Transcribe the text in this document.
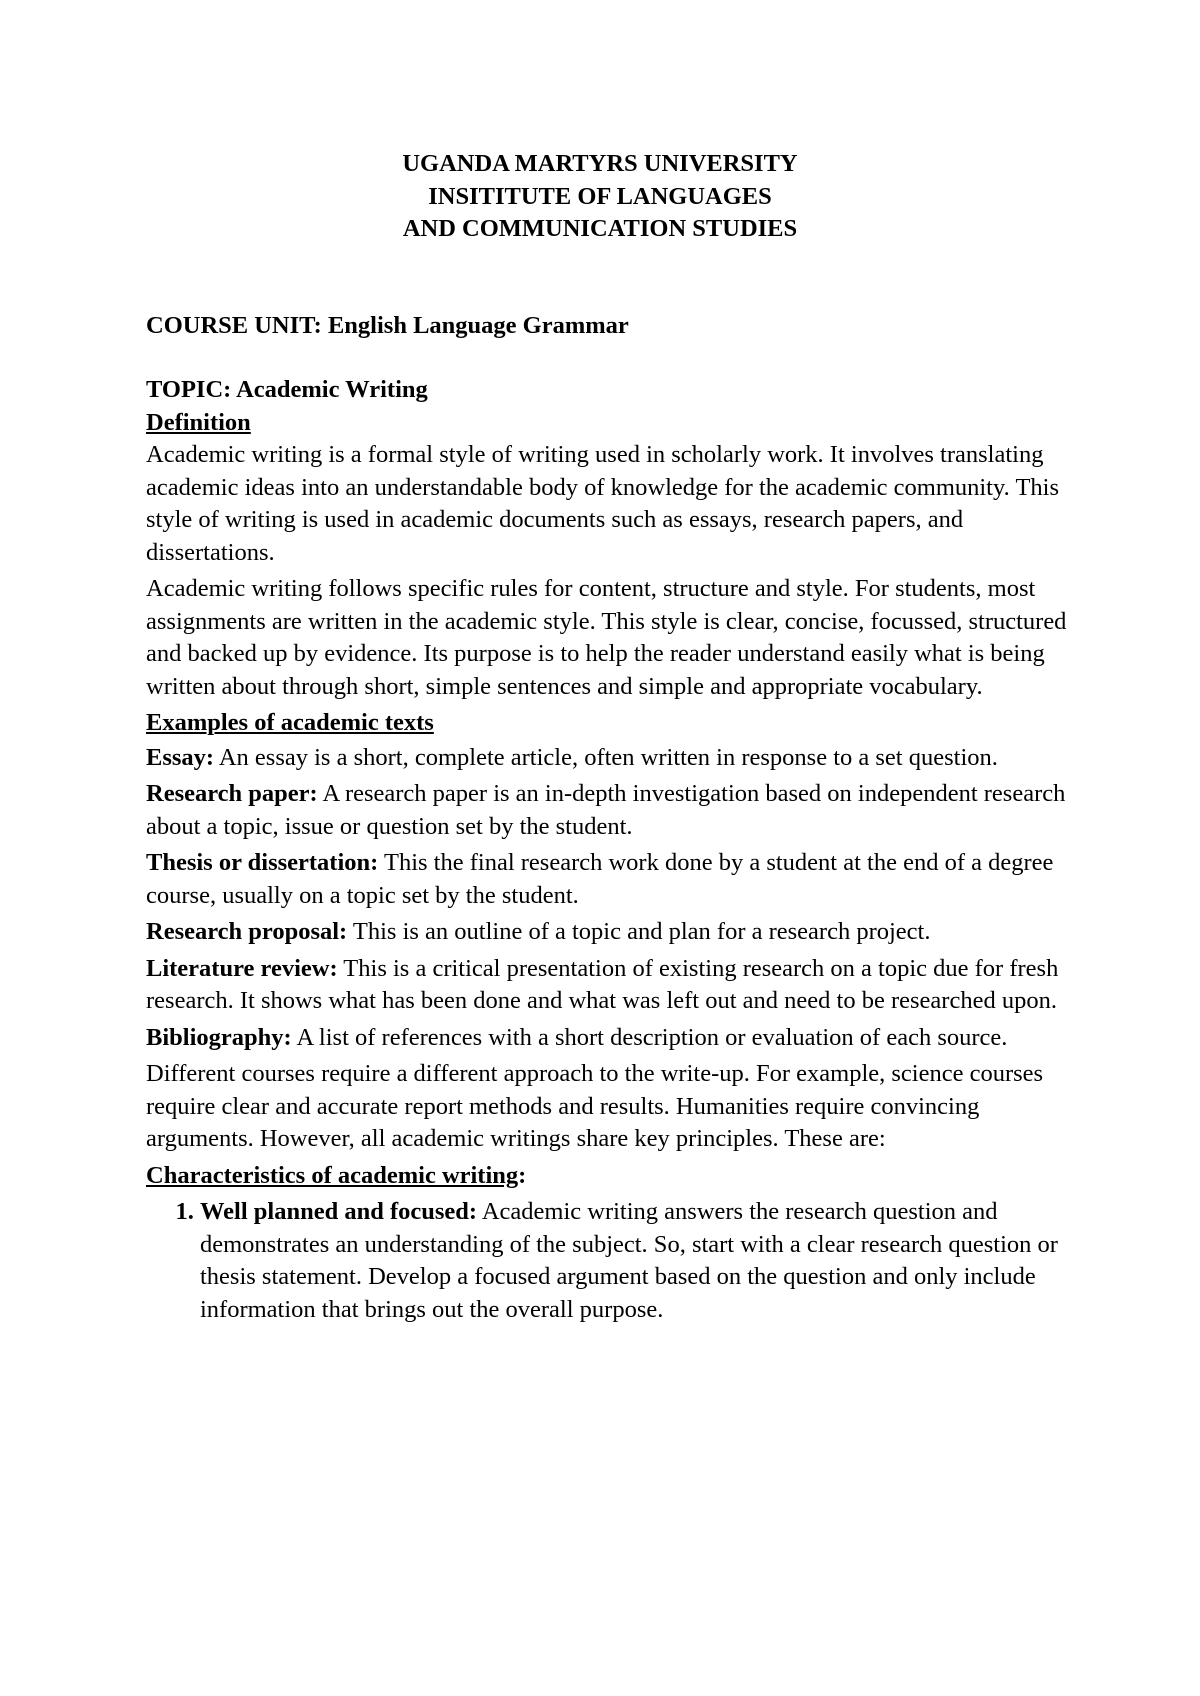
UGANDA MARTYRS UNIVERSITY
INSITITUTE OF LANGUAGES
AND COMMUNICATION STUDIES
COURSE UNIT: English Language Grammar
TOPIC: Academic Writing
Definition

Academic writing is a formal style of writing used in scholarly work. It involves translating academic ideas into an understandable body of knowledge for the academic community. This style of writing is used in academic documents such as essays, research papers, and dissertations.

Academic writing follows specific rules for content, structure and style. For students, most assignments are written in the academic style. This style is clear, concise, focussed, structured and backed up by evidence. Its purpose is to help the reader understand easily what is being written about through short, simple sentences and simple and appropriate vocabulary.

Examples of academic texts

Essay: An essay is a short, complete article, often written in response to a set question.

Research paper: A research paper is an in-depth investigation based on independent research about a topic, issue or question set by the student.

Thesis or dissertation: This the final research work done by a student at the end of a degree course, usually on a topic set by the student.

Research proposal: This is an outline of a topic and plan for a research project.

Literature review: This is a critical presentation of existing research on a topic due for fresh research. It shows what has been done and what was left out and need to be researched upon.

Bibliography: A list of references with a short description or evaluation of each source.

Different courses require a different approach to the write-up. For example, science courses require clear and accurate report methods and results. Humanities require convincing arguments. However, all academic writings share key principles. These are:

Characteristics of academic writing:
1. Well planned and focused: Academic writing answers the research question and demonstrates an understanding of the subject. So, start with a clear research question or thesis statement. Develop a focused argument based on the question and only include information that brings out the overall purpose.
